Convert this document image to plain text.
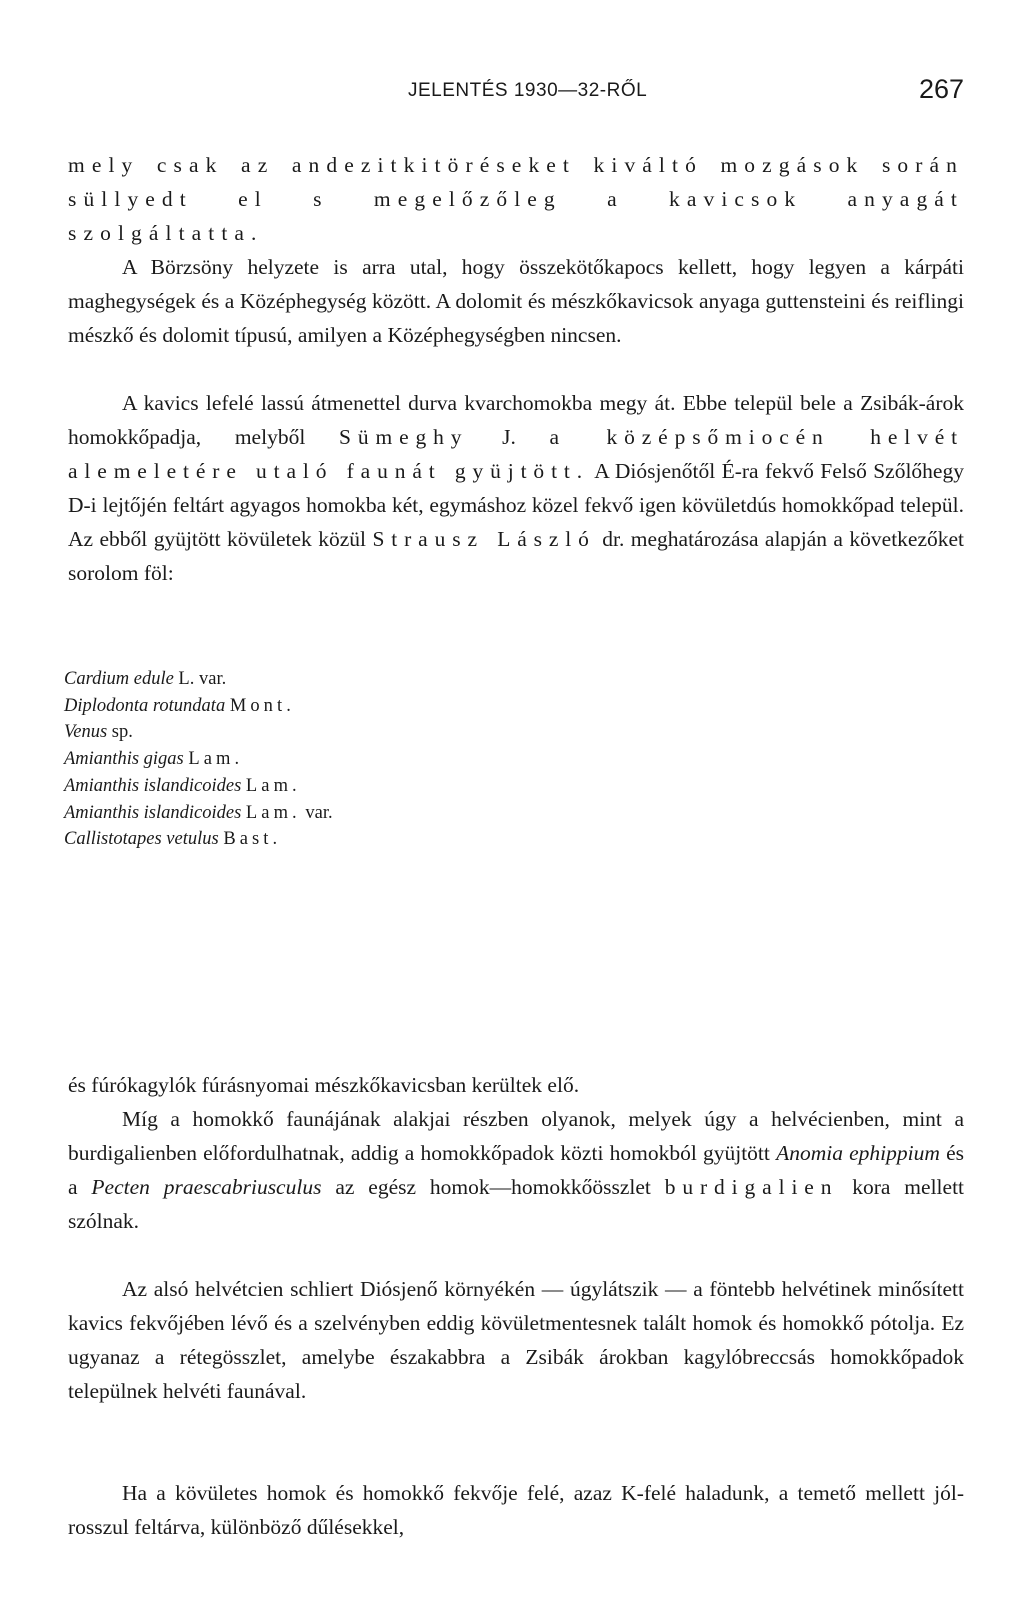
JELENTÉS 1930—32-RŐL	267

mely csak az andezitkitöréseket kiváltó mozgások során süllyedt el s megelőzőleg a kavicsok anyagát szolgáltatta.

A Börzsöny helyzete is arra utal, hogy összekötőkapocs kellett, hogy legyen a kárpáti maghegységek és a Középhegység között. A dolomit és mészkőkavicsok anyaga guttensteini és reiflingi mészkő és dolomit típusú, amilyen a Középhegységben nincsen.

A kavics lefelé lassú átmenettel durva kvarchomokba megy át. Ebbe települ bele a Zsibák-árok homokkőpadja, melyből Sümeghy J. a középsőmiocén helvét alemeletére utaló faunát gyüjtött. A Diósjenőtől É-ra fekvő Felső Szőlőhegy D-i lejtőjén feltárt agyagos homokba két, egymáshoz közel fekvő igen kövületdús homokkőpad települ. Az ebből gyüjtött kövületek közül Strausz László dr. meghatározása alapján a következőket sorolom föl:

Cardium edule L. var.
Diplodonta rotundata Mont.
Venus sp.
Amianthis gigas Lam.
Amianthis islandicoides Lam.
Amianthis islandicoides Lam. var.
Callistotapes vetulus Bast.

és fúrókagylók fúrásnyomai mészkőkavicsban kerültek elő.

Míg a homokkő faunájának alakjai részben olyanok, melyek úgy a helvécienben, mint a burdigalienben előfordulhatnak, addig a homokkőpadok közti homokból gyüjtött Anomia ephippium és a Pecten praescabriusculus az egész homok—homokkőösszlet burdigalien kora mellett szólnak.

Az alsó helvétcien schliert Diósjenő környékén — úgylátszik — a föntebb helvétinek minősített kavics fekvőjében lévő és a szelvényben eddig kövületmentesnek talált homok és homokkő pótolja. Ez ugyanaz a rétegösszlet, amelybe északabbra a Zsibák árokban kagylóbreccsás homokkőpadok települnek helvéti faunával.

Ha a kövületes homok és homokkő fekvője felé, azaz K-felé haladunk, a temető mellett jól-rosszul feltárva, különböző dűlésekkel,
